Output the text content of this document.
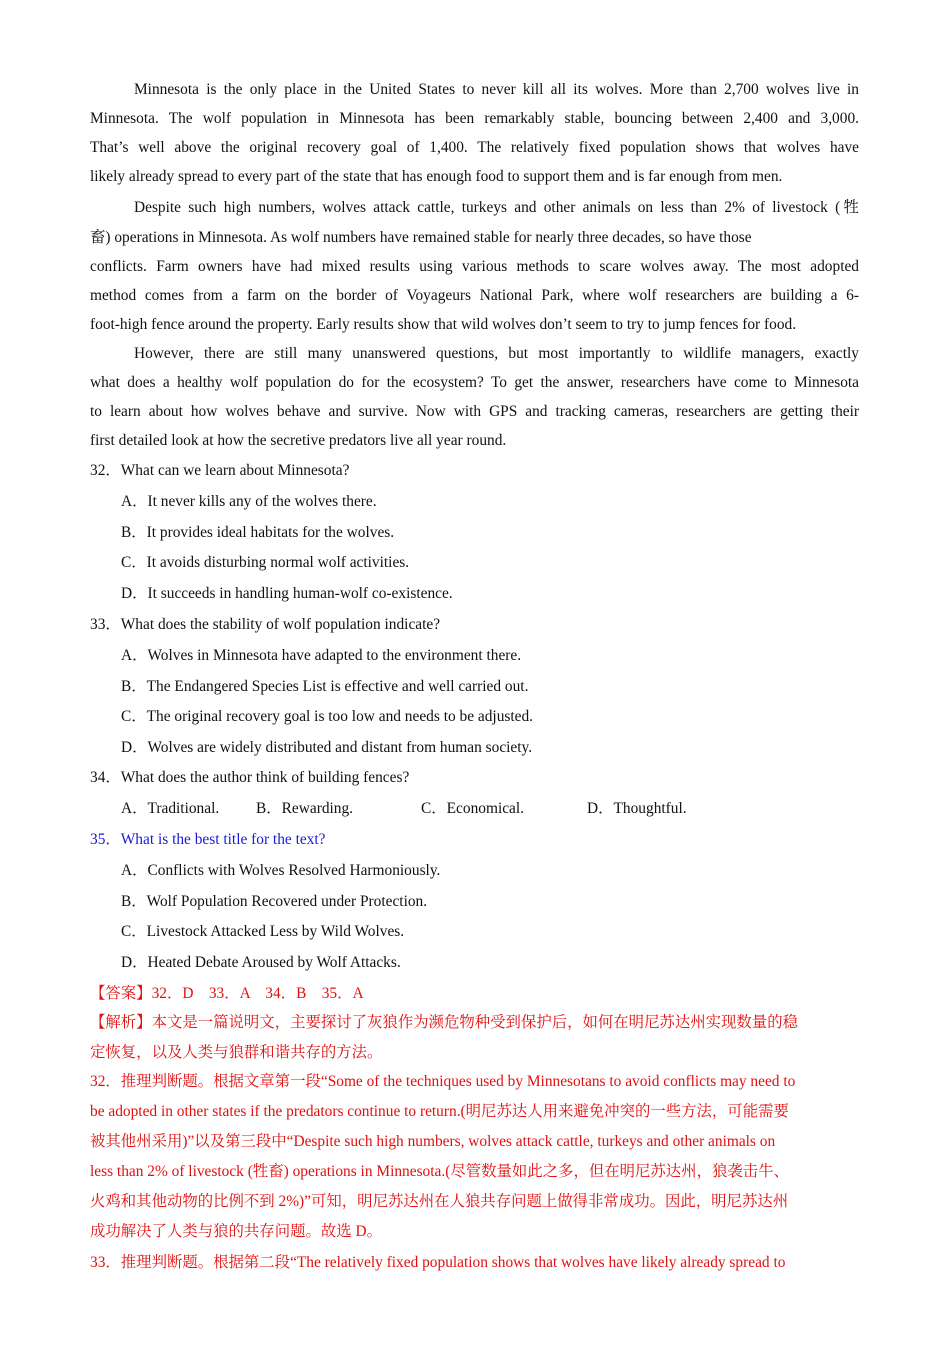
Minnesota is the only place in the United States to never kill all its wolves. More than 2,700 wolves live in
Minnesota. The wolf population in Minnesota has been remarkably stable, bouncing between 2,400 and 3,000.
That’s well above the original recovery goal of 1,400. The relatively fixed population shows that wolves have
likely already spread to every part of the state that has enough food to support them and is far enough from men.
Despite such high numbers, wolves attack cattle, turkeys and other animals on less than 2% of livestock (牲
畜) operations in Minnesota. As wolf numbers have remained stable for nearly three decades, so have those
conflicts. Farm owners have had mixed results using various methods to scare wolves away. The most adopted
method comes from a farm on the border of Voyageurs National Park, where wolf researchers are building a 6-
foot-high fence around the property. Early results show that wild wolves don’t seem to try to jump fences for food.
However, there are still many unanswered questions, but most importantly to wildlife managers, exactly
what does a healthy wolf population do for the ecosystem? To get the answer, researchers have come to Minnesota
to learn about how wolves behave and survive. Now with GPS and tracking cameras, researchers are getting their
first detailed look at how the secretive predators live all year round.
32．What can we learn about Minnesota?
A．It never kills any of the wolves there.
B．It provides ideal habitats for the wolves.
C．It avoids disturbing normal wolf activities.
D．It succeeds in handling human-wolf co-existence.
33．What does the stability of wolf population indicate?
A．Wolves in Minnesota have adapted to the environment there.
B．The Endangered Species List is effective and well carried out.
C．The original recovery goal is too low and needs to be adjusted.
D．Wolves are widely distributed and distant from human society.
34．What does the author think of building fences?
A．Traditional. B．Rewarding.	C．Economical.	D．Thoughtful.
35．What is the best title for the text?
A．Conflicts with Wolves Resolved Harmoniously.
B．Wolf Population Recovered under Protection.
C．Livestock Attacked Less by Wild Wolves.
D．Heated Debate Aroused by Wolf Attacks.
【答案】32．D　33．A　34．B　35．A
【解析】本文是一篇说明文，主要探讨了灰狼作为濒危物种受到保护后，如何在明尼苏达州实现数量的稳
定恢复，以及人类与狼群和谐共存的方法。
32．推理判断题。根据文章第一段“Some of the techniques used by Minnesotans to avoid conflicts may need to
be adopted in other states if the predators continue to return.(明尼苏达人用来避免冲突的一些方法，可能需要
被其他州采用)”以及第三段中“Despite such high numbers, wolves attack cattle, turkeys and other animals on
less than 2% of livestock (牲畜) operations in Minnesota.(尽管数量如此之多，但在明尼苏达州，狼袭击牛、
火鸡和其他动物的比例不到 2%)”可知，明尼苏达州在人狼共存问题上做得非常成功。因此，明尼苏达州
成功解决了人类与狼的共存问题。故选 D。
33．推理判断题。根据第二段“The relatively fixed population shows that wolves have likely already spread to
